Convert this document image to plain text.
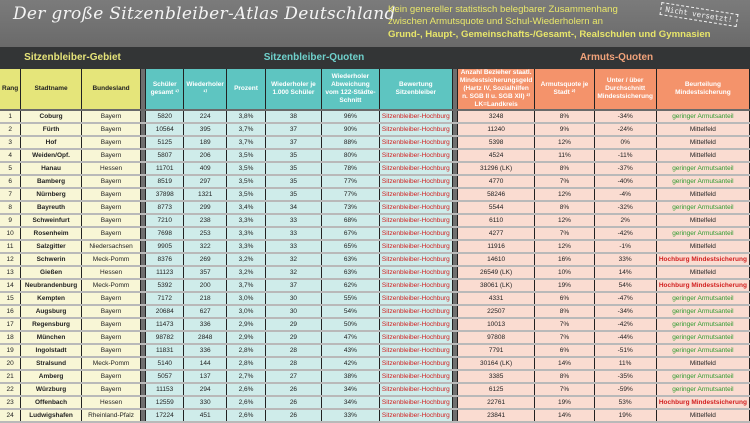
Der große Sitzenbleiber-Atlas Deutschland
Kein genereller statistisch belegbarer Zusammenhang
zwischen Armutsquote und Schul-Wiederholern an
Grund-, Haupt-, Gemeinschafts-/Gesamt-, Realschulen und Gymnasien
Nicht versetzt!
Sitzenbleiber-Gebiet	Sitzenbleiber-Quoten	Armuts-Quoten
Rang	Stadtname	Bundesland		Schüler gesamt ¹⁾	Wiederholer ¹⁾	Prozent	Wiederholer je 1.000 Schüler	Wiederholer Abweichung vom 122-Städte-Schnitt	Bewertung Sitzenbleiber		Anzahl Bezieher staatl. Mindestsicherungsgeld (Hartz IV, Sozialhilfen n. SGB II u. SGB XII) ²⁾ LK=Landkreis	Armutsquote je Stadt ²⁾	Unter / über Durchschnitt Mindestsicherung	Beurteilung Mindestsicherung
1	Coburg	Bayern		5820	224	3,8%	38	96%	Sitzenbleiber-Hochburg		3248	8%	-34%	geringer Armutsanteil
2	Fürth	Bayern		10564	395	3,7%	37	90%	Sitzenbleiber-Hochburg		11240	9%	-24%	Mittelfeld
3	Hof	Bayern		5125	189	3,7%	37	88%	Sitzenbleiber-Hochburg		5398	12%	0%	Mittelfeld
4	Weiden/Opf.	Bayern		5807	206	3,5%	35	80%	Sitzenbleiber-Hochburg		4524	11%	-11%	Mittelfeld
5	Hanau	Hessen		11701	409	3,5%	35	78%	Sitzenbleiber-Hochburg		31296 (LK)	8%	-37%	geringer Armutsanteil
6	Bamberg	Bayern		8519	297	3,5%	35	77%	Sitzenbleiber-Hochburg		4770	7%	-40%	geringer Armutsanteil
7	Nürnberg	Bayern		37898	1321	3,5%	35	77%	Sitzenbleiber-Hochburg		58246	12%	-4%	Mittelfeld
8	Bayreuth	Bayern		8773	299	3,4%	34	73%	Sitzenbleiber-Hochburg		5544	8%	-32%	geringer Armutsanteil
9	Schweinfurt	Bayern		7210	238	3,3%	33	68%	Sitzenbleiber-Hochburg		6110	12%	2%	Mittelfeld
10	Rosenheim	Bayern		7698	253	3,3%	33	67%	Sitzenbleiber-Hochburg		4277	7%	-42%	geringer Armutsanteil
11	Salzgitter	Niedersachsen		9905	322	3,3%	33	65%	Sitzenbleiber-Hochburg		11916	12%	-1%	Mittelfeld
12	Schwerin	Meck-Pomm		8376	269	3,2%	32	63%	Sitzenbleiber-Hochburg		14610	16%	33%	Hochburg Mindestsicherung
13	Gießen	Hessen		11123	357	3,2%	32	63%	Sitzenbleiber-Hochburg		26549 (LK)	10%	14%	Mittelfeld
14	Neubrandenburg	Meck-Pomm		5392	200	3,7%	37	62%	Sitzenbleiber-Hochburg		38061 (LK)	19%	54%	Hochburg Mindestsicherung
15	Kempten	Bayern		7172	218	3,0%	30	55%	Sitzenbleiber-Hochburg		4331	6%	-47%	geringer Armutsanteil
16	Augsburg	Bayern		20684	627	3,0%	30	54%	Sitzenbleiber-Hochburg		22507	8%	-34%	geringer Armutsanteil
17	Regensburg	Bayern		11473	336	2,9%	29	50%	Sitzenbleiber-Hochburg		10013	7%	-42%	geringer Armutsanteil
18	München	Bayern		98782	2848	2,9%	29	47%	Sitzenbleiber-Hochburg		97808	7%	-44%	geringer Armutsanteil
19	Ingolstadt	Bayern		11831	336	2,8%	28	43%	Sitzenbleiber-Hochburg		7791	6%	-51%	geringer Armutsanteil
20	Stralsund	Meck-Pomm		5140	144	2,8%	28	42%	Sitzenbleiber-Hochburg		30164 (LK)	14%	11%	Mittelfeld
21	Amberg	Bayern		5057	137	2,7%	27	38%	Sitzenbleiber-Hochburg		3385	8%	-35%	geringer Armutsanteil
22	Würzburg	Bayern		11153	294	2,6%	26	34%	Sitzenbleiber-Hochburg		6125	7%	-59%	geringer Armutsanteil
23	Offenbach	Hessen		12559	330	2,6%	26	34%	Sitzenbleiber-Hochburg		22761	19%	53%	Hochburg Mindestsicherung
24	Ludwigshafen	Rheinland-Pfalz		17224	451	2,6%	26	33%	Sitzenbleiber-Hochburg		23841	14%	19%	Mittelfeld
